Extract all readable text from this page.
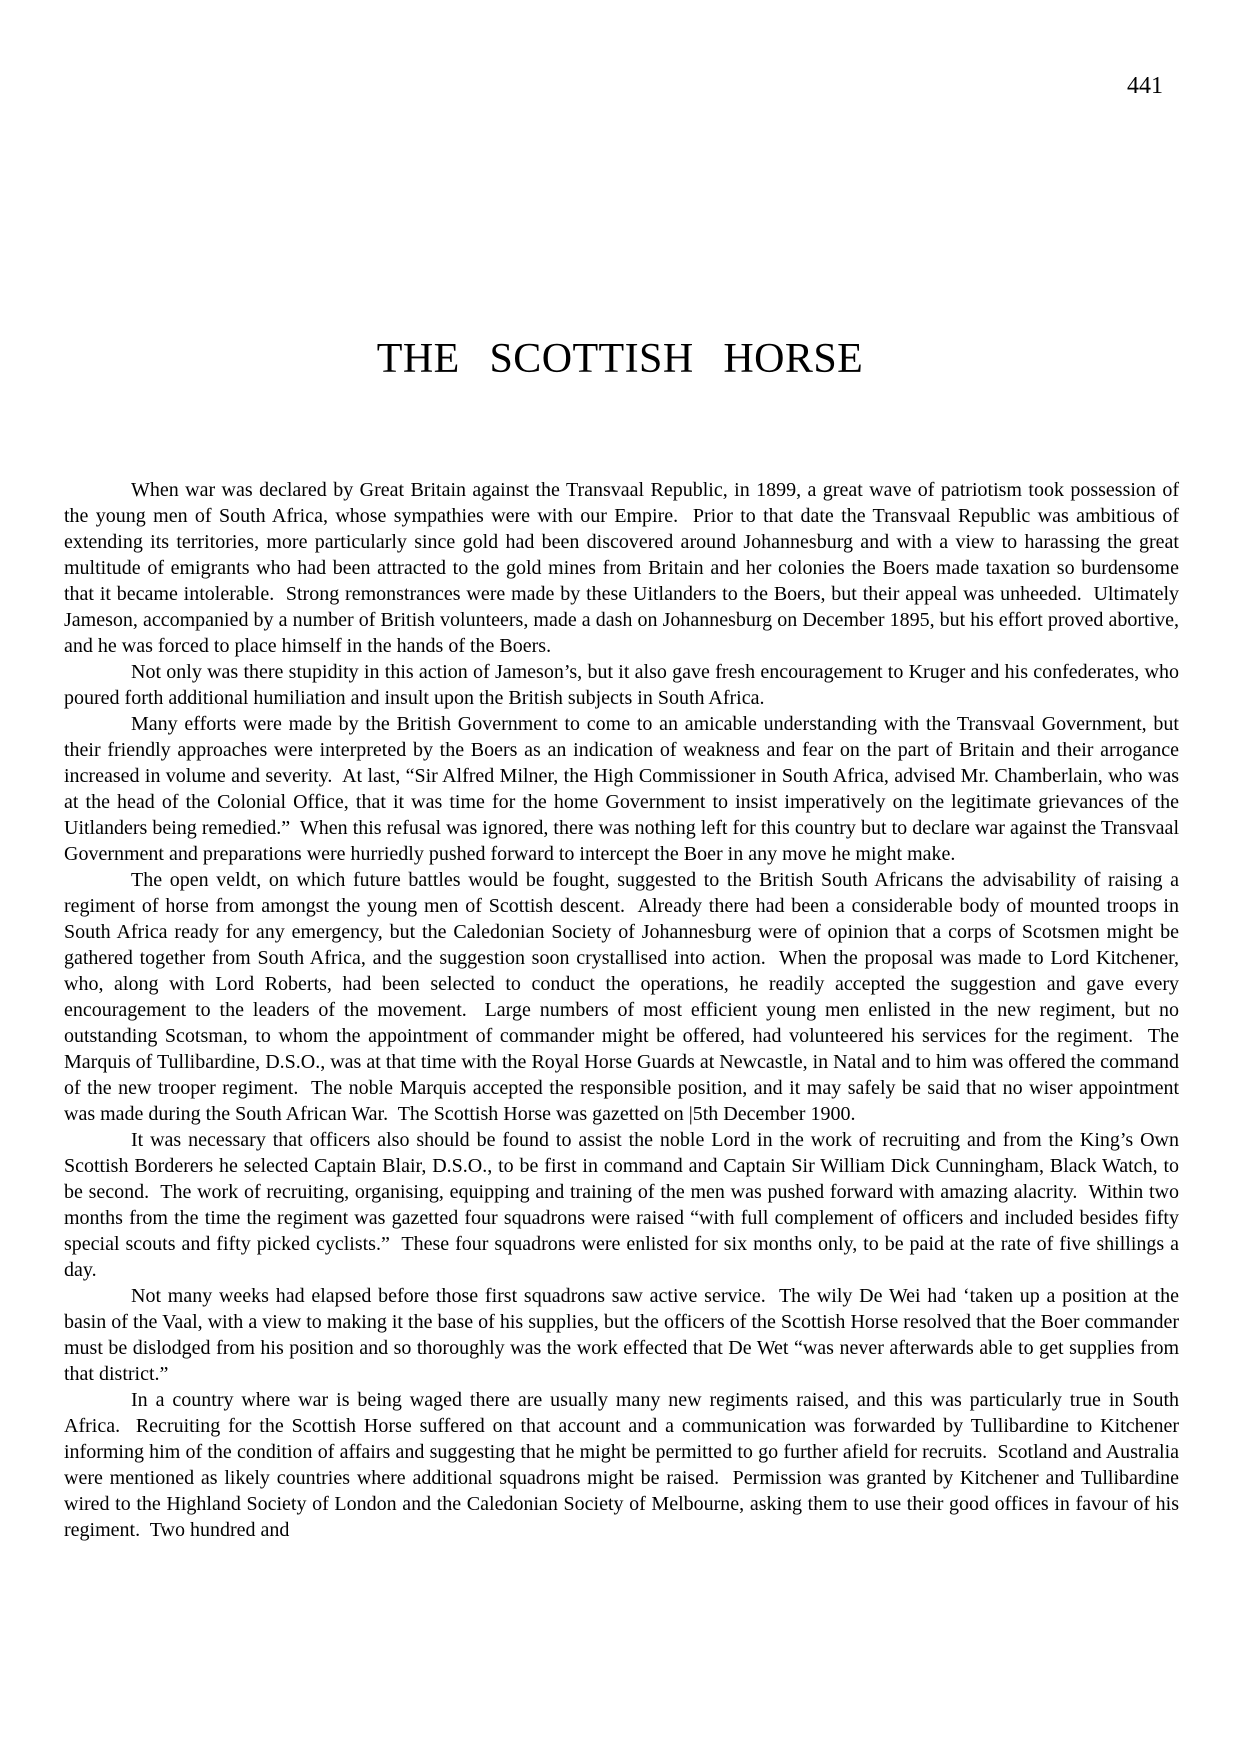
441
THE SCOTTISH HORSE

When war was declared by Great Britain against the Transvaal Republic, in 1899, a great wave of patriotism took possession of the young men of South Africa, whose sympathies were with our Empire.  Prior to that date the Transvaal Republic was ambitious of extending its territories, more particularly since gold had been discovered around Johannesburg and with a view to harassing the great multitude of emigrants who had been attracted to the gold mines from Britain and her colonies the Boers made taxation so burdensome that it became intolerable.  Strong remonstrances were made by these Uitlanders to the Boers, but their appeal was unheeded.  Ultimately Jameson, accompanied by a number of British volunteers, made a dash on Johannesburg on December 1895, but his effort proved abortive, and he was forced to place himself in the hands of the Boers.

Not only was there stupidity in this action of Jameson’s, but it also gave fresh encouragement to Kruger and his confederates, who poured forth additional humiliation and insult upon the British subjects in South Africa.

Many efforts were made by the British Government to come to an amicable understanding with the Transvaal Government, but their friendly approaches were interpreted by the Boers as an indication of weakness and fear on the part of Britain and their arrogance increased in volume and severity.  At last, “Sir Alfred Milner, the High Commissioner in South Africa, advised Mr. Chamberlain, who was at the head of the Colonial Office, that it was time for the home Government to insist imperatively on the legitimate grievances of the Uitlanders being remedied.”  When this refusal was ignored, there was nothing left for this country but to declare war against the Transvaal Government and preparations were hurriedly pushed forward to intercept the Boer in any move he might make.

The open veldt, on which future battles would be fought, suggested to the British South Africans the advisability of raising a regiment of horse from amongst the young men of Scottish descent.  Already there had been a considerable body of mounted troops in South Africa ready for any emergency, but the Caledonian Society of Johannesburg were of opinion that a corps of Scotsmen might be gathered together from South Africa, and the suggestion soon crystallised into action.  When the proposal was made to Lord Kitchener, who, along with Lord Roberts, had been selected to conduct the operations, he readily accepted the suggestion and gave every encouragement to the leaders of the movement.  Large numbers of most efficient young men enlisted in the new regiment, but no outstanding Scotsman, to whom the appointment of commander might be offered, had volunteered his services for the regiment.  The Marquis of Tullibardine, D.S.O., was at that time with the Royal Horse Guards at Newcastle, in Natal and to him was offered the command of the new trooper regiment.  The noble Marquis accepted the responsible position, and it may safely be said that no wiser appointment was made during the South African War.  The Scottish Horse was gazetted on |5th December 1900.

It was necessary that officers also should be found to assist the noble Lord in the work of recruiting and from the King’s Own Scottish Borderers he selected Captain Blair, D.S.O., to be first in command and Captain Sir William Dick Cunningham, Black Watch, to be second.  The work of recruiting, organising, equipping and training of the men was pushed forward with amazing alacrity.  Within two months from the time the regiment was gazetted four squadrons were raised “with full complement of officers and included besides fifty special scouts and fifty picked cyclists.”  These four squadrons were enlisted for six months only, to be paid at the rate of five shillings a day.

Not many weeks had elapsed before those first squadrons saw active service.  The wily De Wei had ‘taken up a position at the basin of the Vaal, with a view to making it the base of his supplies, but the officers of the Scottish Horse resolved that the Boer commander must be dislodged from his position and so thoroughly was the work effected that De Wet “was never afterwards able to get supplies from that district.”

In a country where war is being waged there are usually many new regiments raised, and this was particularly true in South Africa.  Recruiting for the Scottish Horse suffered on that account and a communication was forwarded by Tullibardine to Kitchener informing him of the condition of affairs and suggesting that he might be permitted to go further afield for recruits.  Scotland and Australia were mentioned as likely countries where additional squadrons might be raised.  Permission was granted by Kitchener and Tullibardine wired to the Highland Society of London and the Caledonian Society of Melbourne, asking them to use their good offices in favour of his regiment.  Two hundred and
